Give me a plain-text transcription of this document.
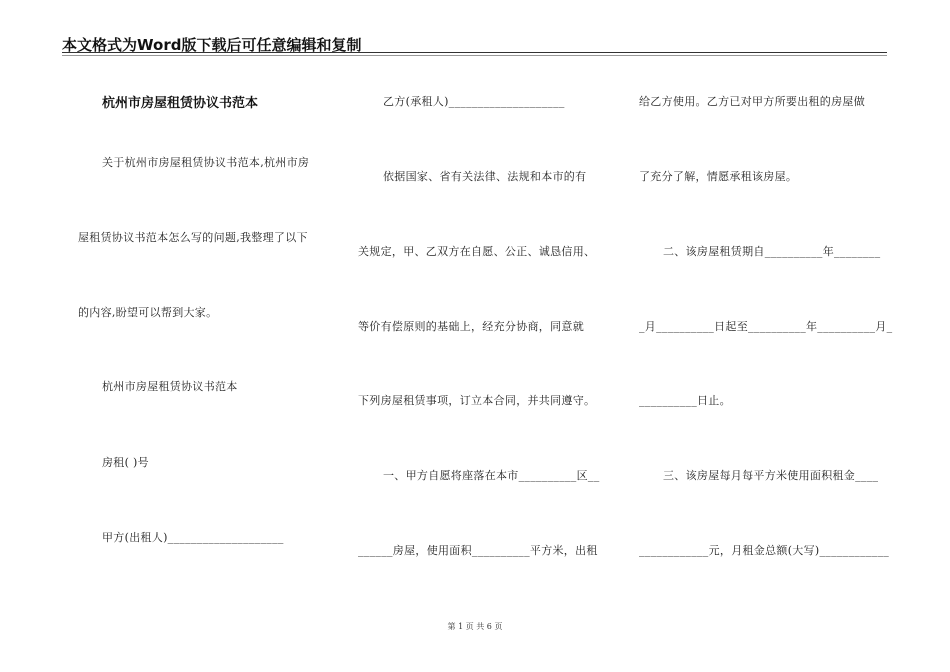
本文格式为Word版下载后可任意编辑和复制
杭州市房屋租赁协议书范本
关于杭州市房屋租赁协议书范本,杭州市房
屋租赁协议书范本怎么写的问题,我整理了以下
的内容,盼望可以帮到大家。
杭州市房屋租赁协议书范本
房租( )号
甲方(出租人)____________________
乙方(承租人)____________________
依据国家、省有关法律、法规和本市的有
关规定，甲、乙双方在自愿、公正、诚恳信用、
等价有偿原则的基础上，经充分协商，同意就
下列房屋租赁事项，订立本合同，并共同遵守。
一、甲方自愿将座落在本市__________区__
______房屋，使用面积__________平方米，出租
给乙方使用。乙方已对甲方所要出租的房屋做
了充分了解，情愿承租该房屋。
二、该房屋租赁期自__________年________
_月__________日起至__________年__________月_
__________日止。
三、该房屋每月每平方米使用面积租金____
____________元，月租金总额(大写)____________
第 1 页 共 6 页
